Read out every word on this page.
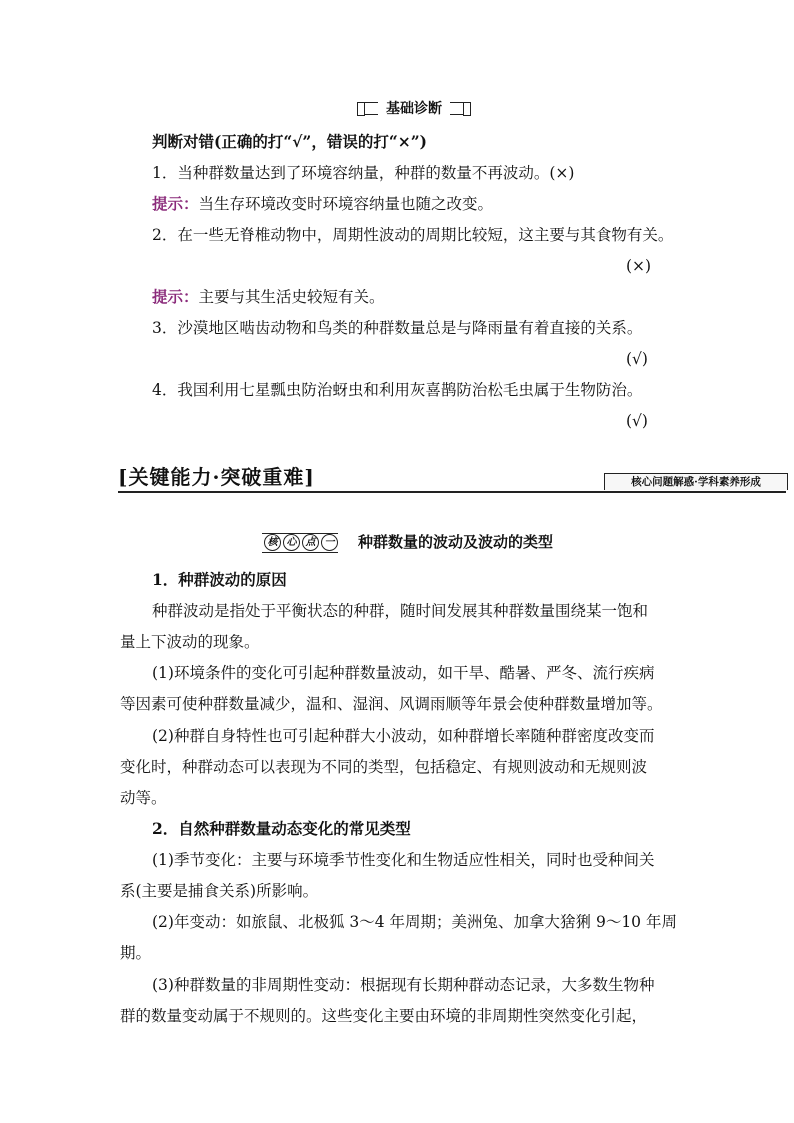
基础诊断
判断对错(正确的打“√”，错误的打“×”)
1．当种群数量达到了环境容纳量，种群的数量不再波动。(×)
提示：当生存环境改变时环境容纳量也随之改变。
2．在一些无脊椎动物中，周期性波动的周期比较短，这主要与其食物有关。
(×)
提示：主要与其生活史较短有关。
3．沙漠地区啮齿动物和鸟类的种群数量总是与降雨量有着直接的关系。
(√)
4．我国利用七星瓢虫防治蚜虫和利用灰喜鹊防治松毛虫属于生物防治。
(√)
[关键能力·突破重难]	核心问题解惑·学科素养形成
核 心 点 一 种群数量的波动及波动的类型
1．种群波动的原因
种群波动是指处于平衡状态的种群，随时间发展其种群数量围绕某一饱和
量上下波动的现象。
(1)环境条件的变化可引起种群数量波动，如干旱、酷暑、严冬、流行疾病
等因素可使种群数量减少，温和、湿润、风调雨顺等年景会使种群数量增加等。
(2)种群自身特性也可引起种群大小波动，如种群增长率随种群密度改变而
变化时，种群动态可以表现为不同的类型，包括稳定、有规则波动和无规则波
动等。
2．自然种群数量动态变化的常见类型
(1)季节变化：主要与环境季节性变化和生物适应性相关，同时也受种间关
系(主要是捕食关系)所影响。
(2)年变动：如旅鼠、北极狐 3～4 年周期；美洲兔、加拿大猞猁 9～10 年周
期。
(3)种群数量的非周期性变动：根据现有长期种群动态记录，大多数生物种
群的数量变动属于不规则的。这些变化主要由环境的非周期性突然变化引起，
